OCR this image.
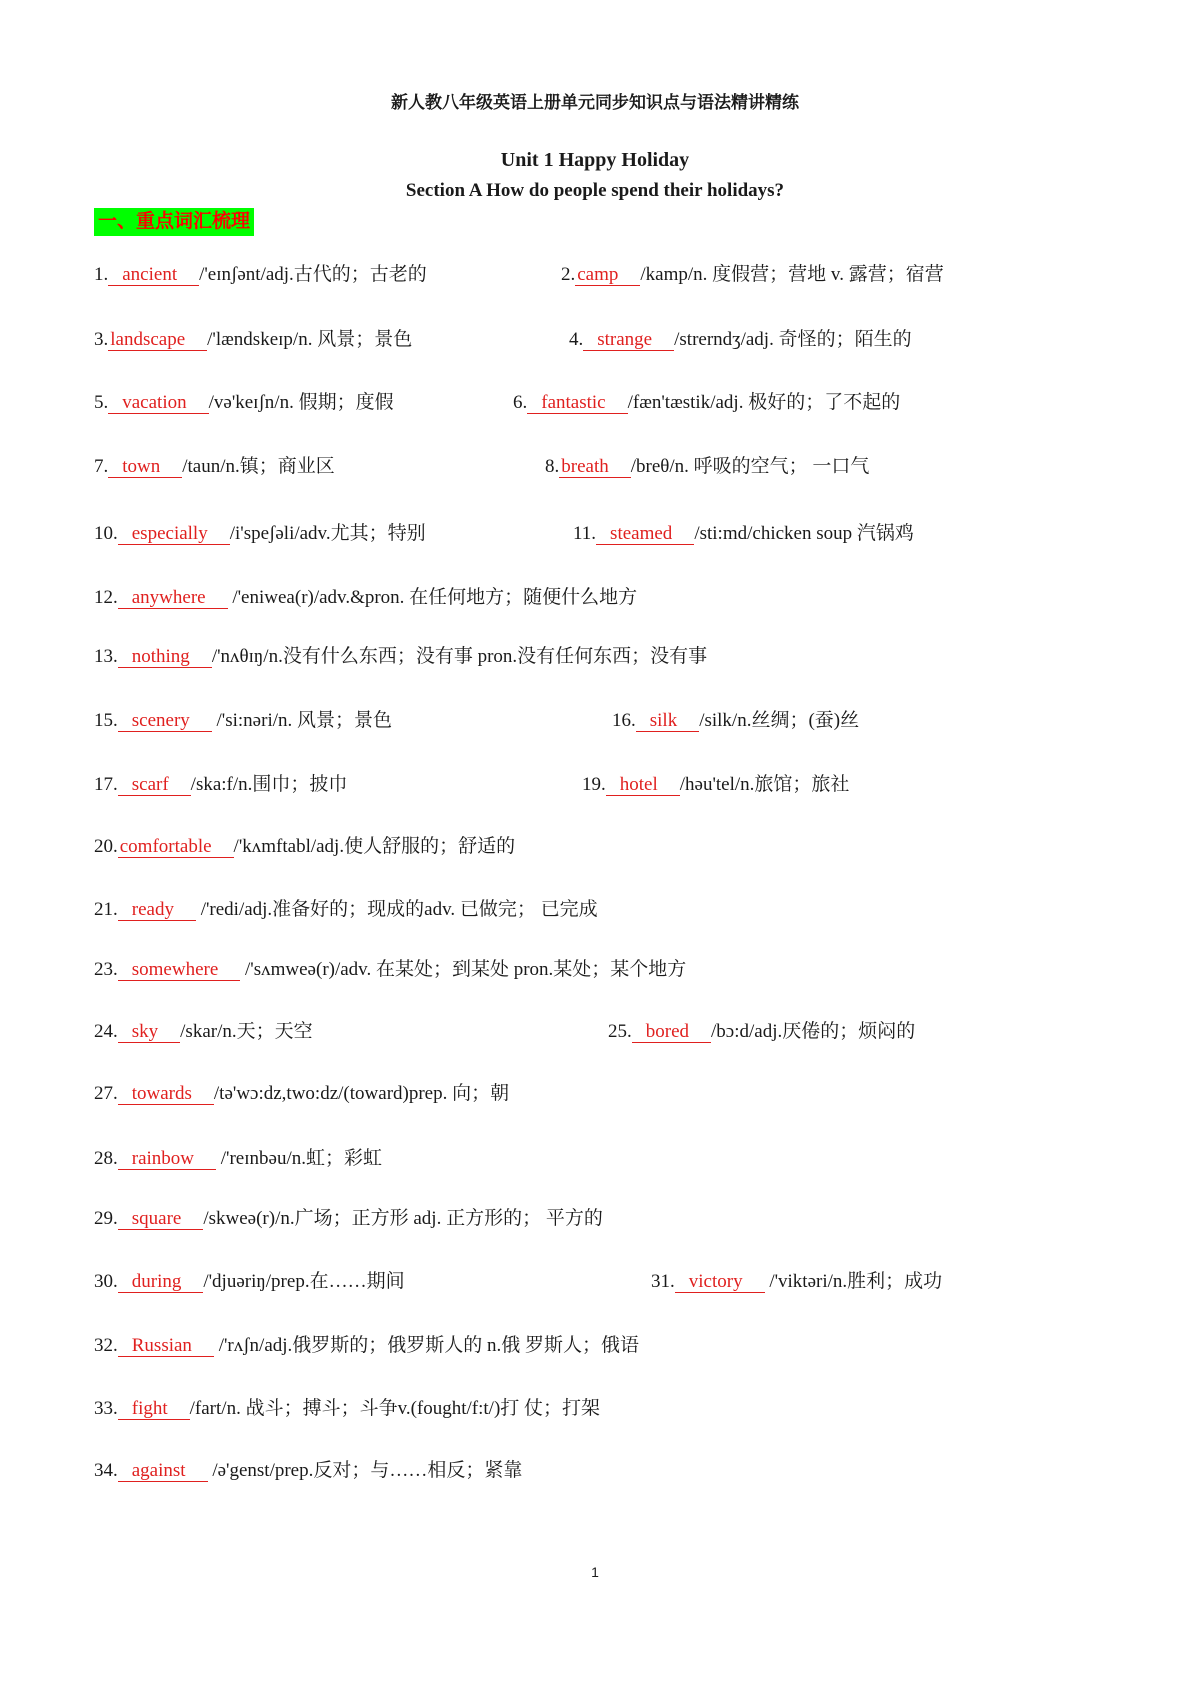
新人教八年级英语上册单元同步知识点与语法精讲精练
Unit 1 Happy Holiday
Section A How do people spend their holidays?
一、重点词汇梳理
1. ancient /'eɪnʃənt/adj.古代的；古老的	2. camp /kamp/n. 度假营；营地 v. 露营；宿营
3. landscape /'lændskeɪp/n. 风景；景色	4. strange /strerndʒ/adj. 奇怪的；陌生的
5. vacation /və'keɪʃn/n. 假期；度假	6. fantastic /fæn'tæstik/adj. 极好的；了不起的
7. town /taun/n.镇；商业区	8. breath /breθ/n. 呼吸的空气； 一口气
10. especially /i'speʃəli/adv.尤其；特别	11. steamed /sti:md/chicken soup 汽锅鸡
12. anywhere /'eniwea(r)/adv.&pron. 在任何地方；随便什么地方
13. nothing /'nʌθɪŋ/n.没有什么东西；没有事 pron.没有任何东西；没有事
15. scenery /'si:nəri/n. 风景；景色	16. silk /silk/n.丝绸；(蚕)丝
17. scarf /ska:f/n.围巾；披巾	19. hotel /həu'tel/n.旅馆；旅社
20. comfortable /'kʌmftabl/adj.使人舒服的；舒适的
21. ready /'redi/adj.准备好的；现成的adv. 已做完； 已完成
23. somewhere /'sʌmweə(r)/adv. 在某处；到某处 pron.某处；某个地方
24. sky /skar/n.天；天空	25. bored /bɔ:d/adj.厌倦的；烦闷的
27. towards /tə'wɔ:dz,two:dz/(toward)prep. 向；朝
28. rainbow /'reɪnbəu/n.虹；彩虹
29. square /skweə(r)/n.广场；正方形 adj. 正方形的； 平方的
30. during /'djuəriŋ/prep.在……期间	31. victory /'viktəri/n.胜利；成功
32. Russian /'rʌʃn/adj.俄罗斯的；俄罗斯人的 n.俄 罗斯人；俄语
33. fight /fart/n. 战斗；搏斗；斗争v.(fought/f:t/)打 仗；打架
34. against /ə'genst/prep.反对；与……相反；紧靠
1
